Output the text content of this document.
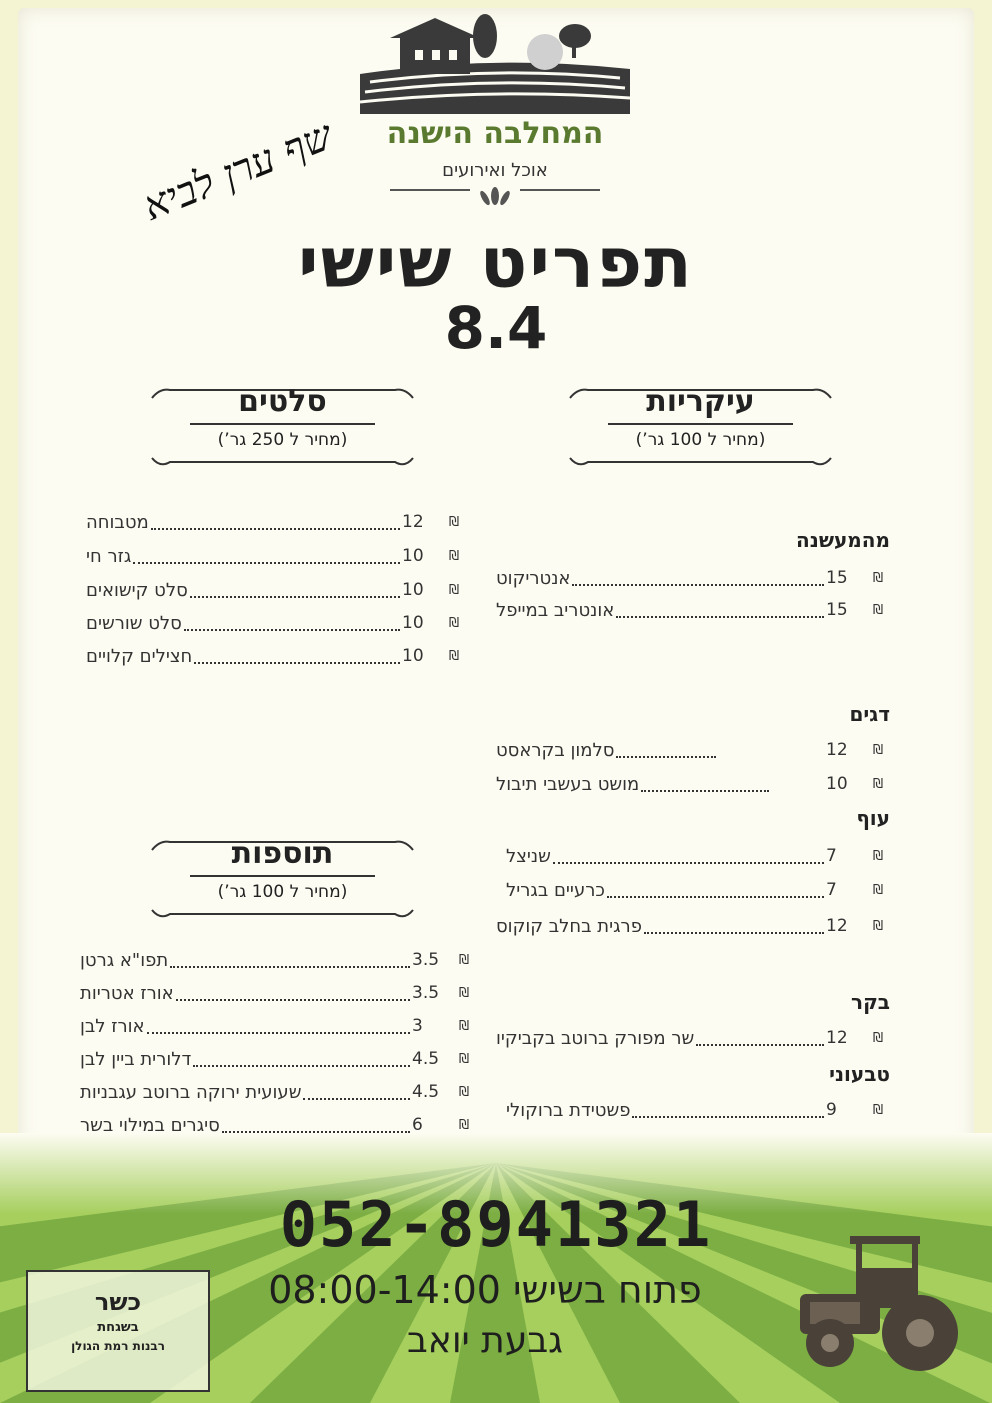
המחלבה הישנה
אוכל ואירועים
שף ערן לביא
תפריט שישי
8.4
עיקריות
(מחיר ל 100 גר’)
סלטים
(מחיר ל 250 גר’)
תוספות
(מחיר ל 100 גר’)
מהמעשנה
אנטריקוט	15	₪
אונטריב במייפל	15	₪
דגים
סלמון בקראסט	12	₪
מושט בעשבי תיבול	10	₪
עוף
שניצל	7	₪
כרעיים בגריל	7	₪
פרגית בחלב קוקוס	12	₪
בקר
שר מפורק ברוטב בקביקיו	12	₪
טבעוני
פשטידת ברוקולי	9	₪
מטבוחה	12	₪
גזר חי	10	₪
סלט קישואים	10	₪
סלט שורשים	10	₪
חצילים קלויים	10	₪
תפו"א גרטן	3.5	₪
אורז אטריות	3.5	₪
אורז לבן	3	₪
דלורית ביין לבן	4.5	₪
שעועית ירוקה ברוטב עגבניות	4.5	₪
סיגרים במילוי בשר	6	₪
052-8941321
פתוח בשישי 08:00-14:00
גבעת יואב
כשר
בשגחת
רבנות רמת הגולן
